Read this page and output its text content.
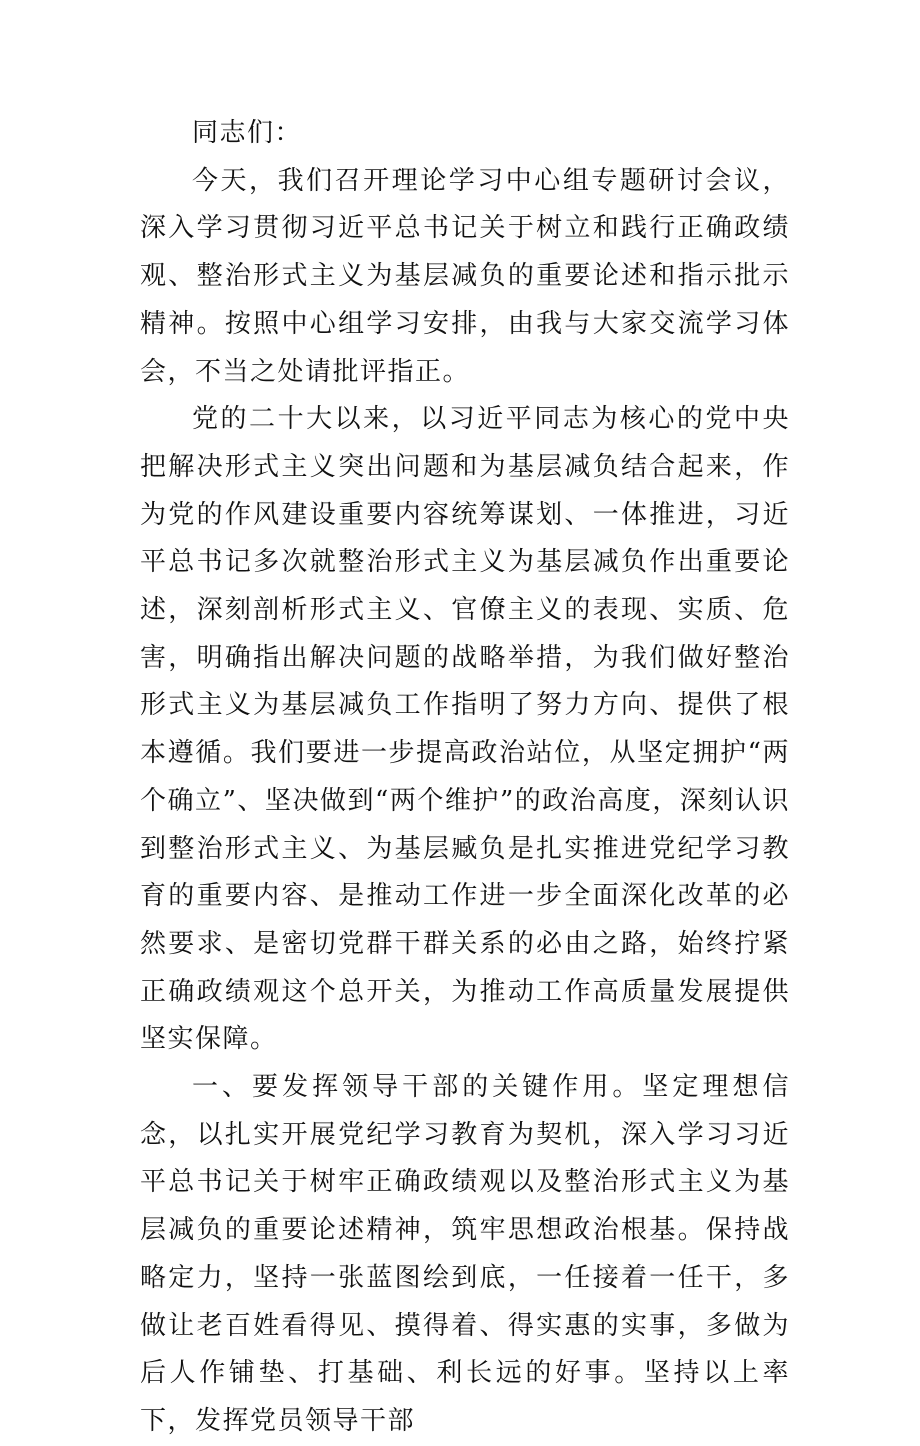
同志们：

今天，我们召开理论学习中心组专题研讨会议，深入学习贯彻习近平总书记关于树立和践行正确政绩观、整治形式主义为基层减负的重要论述和指示批示精神。按照中心组学习安排，由我与大家交流学习体会，不当之处请批评指正。

党的二十大以来，以习近平同志为核心的党中央把解决形式主义突出问题和为基层减负结合起来，作为党的作风建设重要内容统筹谋划、一体推进，习近平总书记多次就整治形式主义为基层减负作出重要论述，深刻剖析形式主义、官僚主义的表现、实质、危害，明确指出解决问题的战略举措，为我们做好整治形式主义为基层减负工作指明了努力方向、提供了根本遵循。我们要进一步提高政治站位，从坚定拥护“两个确立”、坚决做到“两个维护”的政治高度，深刻认识到整治形式主义、为基层臧负是扎实推进党纪学习教育的重要内容、是推动工作进一步全面深化改革的必然要求、是密切党群干群关系的必由之路，始终拧紧正确政绩观这个总开关，为推动工作高质量发展提供坚实保障。

一、要发挥领导干部的关键作用。坚定理想信念，以扎实开展党纪学习教育为契机，深入学习习近平总书记关于树牢正确政绩观以及整治形式主义为基层减负的重要论述精神，筑牢思想政治根基。保持战略定力，坚持一张蓝图绘到底，一任接着一任干，多做让老百姓看得见、摸得着、得实惠的实事，多做为后人作铺垫、打基础、利长远的好事。坚持以上率下，发挥党员领导干部
